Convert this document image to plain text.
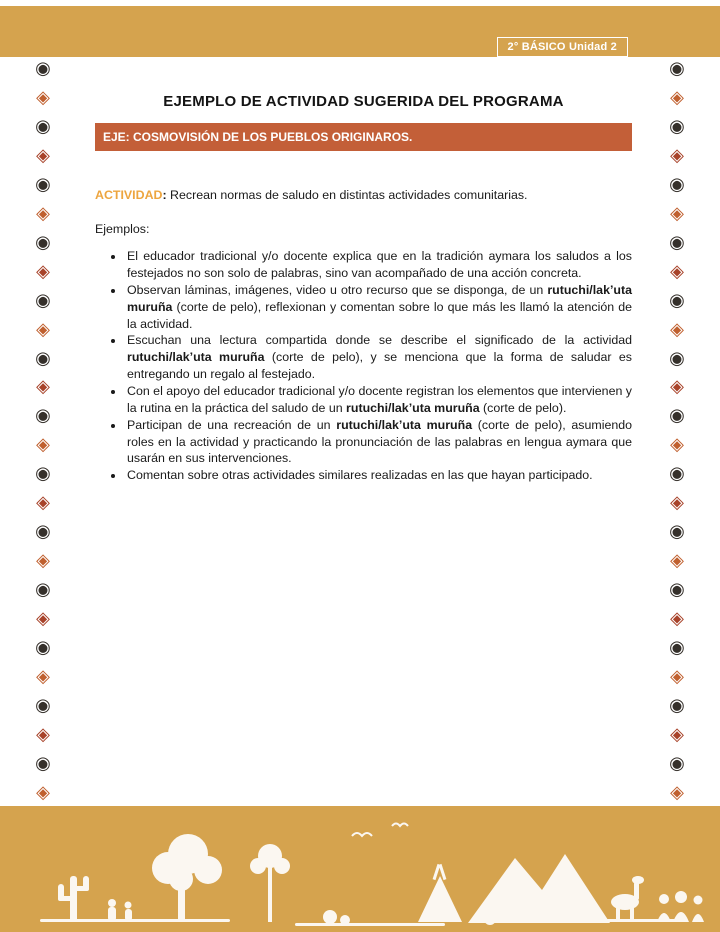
2° BÁSICO Unidad 2
◉
◈
◉
◈
◉
◈
◉
◈
◉
◈
◉
◈
◉
◈
◉
◈
◉
◈
◉
◈
◉
◈
◉
◈
◉
◈
◉
◈
◉
◈
◉
◈
◉
◈
◉
◈
◉
◈
◉
◈
◉
◈
◉
◈
◉
◈
◉
◈
◉
◈
◉
◈
EJEMPLO DE ACTIVIDAD SUGERIDA DEL PROGRAMA
EJE: COSMOVISIÓN DE LOS PUEBLOS ORIGINAROS.

ACTIVIDAD: Recrean normas de saludo en distintas actividades comunitarias.

Ejemplos:

• El educador tradicional y/o docente explica que en la tradición aymara los saludos a los festejados no son solo de palabras, sino van acompañado de una acción concreta.
• Observan láminas, imágenes, video u otro recurso que se disponga, de un rutuchi/lak’uta muruña (corte de pelo), reflexionan y comentan sobre lo que más les llamó la atención de la actividad.
• Escuchan una lectura compartida donde se describe el significado de la actividad rutuchi/lak’uta muruña (corte de pelo), y se menciona que la forma de saludar es entregando un regalo al festejado.
• Con el apoyo del educador tradicional y/o docente registran los elementos que intervienen y la rutina en la práctica del saludo de un rutuchi/lak’uta muruña (corte de pelo).
• Participan de una recreación de un rutuchi/lak’uta muruña (corte de pelo), asumiendo roles en la actividad y practicando la pronunciación de las palabras en lengua aymara que usarán en sus intervenciones.
• Comentan sobre otras actividades similares realizadas en las que hayan participado.
